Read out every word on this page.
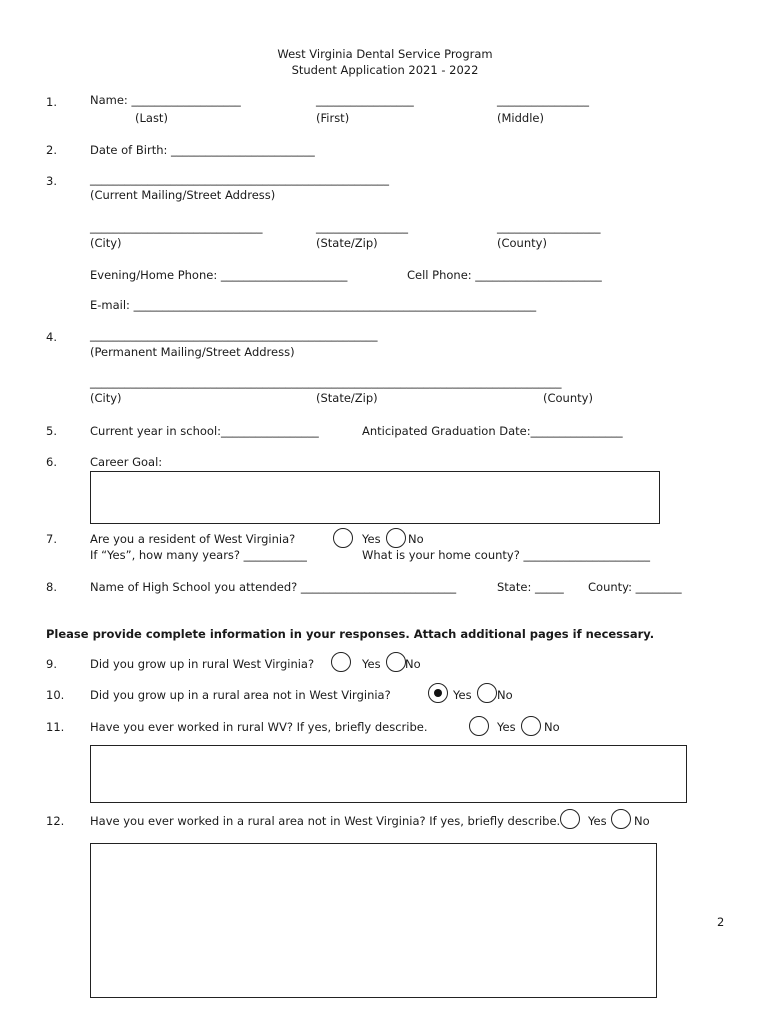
West Virginia Dental Service Program
Student Application 2021 - 2022
1.	Name: ___________________	_________________	________________
(Last)	(First)	(Middle)
2.	Date of Birth: _________________________
3.	____________________________________________________
(Current Mailing/Street Address)
______________________________	________________	__________________
(City)	(State/Zip)	(County)
Evening/Home Phone: ______________________	Cell Phone: ______________________
E-mail: ______________________________________________________________________
4.	__________________________________________________
(Permanent Mailing/Street Address)
__________________________________________________________________________________
(City)	(State/Zip)	(County)
5.	Current year in school:_________________	Anticipated Graduation Date:________________
6.	Career Goal:
7.	Are you a resident of West Virginia?
If “Yes”, how many years? ___________
Yes No
What is your home county? ______________________
8.	Name of High School you attended? ___________________________	State: _____ County: ________
Please provide complete information in your responses. Attach additional pages if necessary.
9.	Did you grow up in rural West Virginia?	Yes No
10. Did you grow up in a rural area not in West Virginia?	Yes No
11. Have you ever worked in rural WV? If yes, briefly describe.	Yes No
12. Have you ever worked in a rural area not in West Virginia? If yes, briefly describe. Yes No
2
